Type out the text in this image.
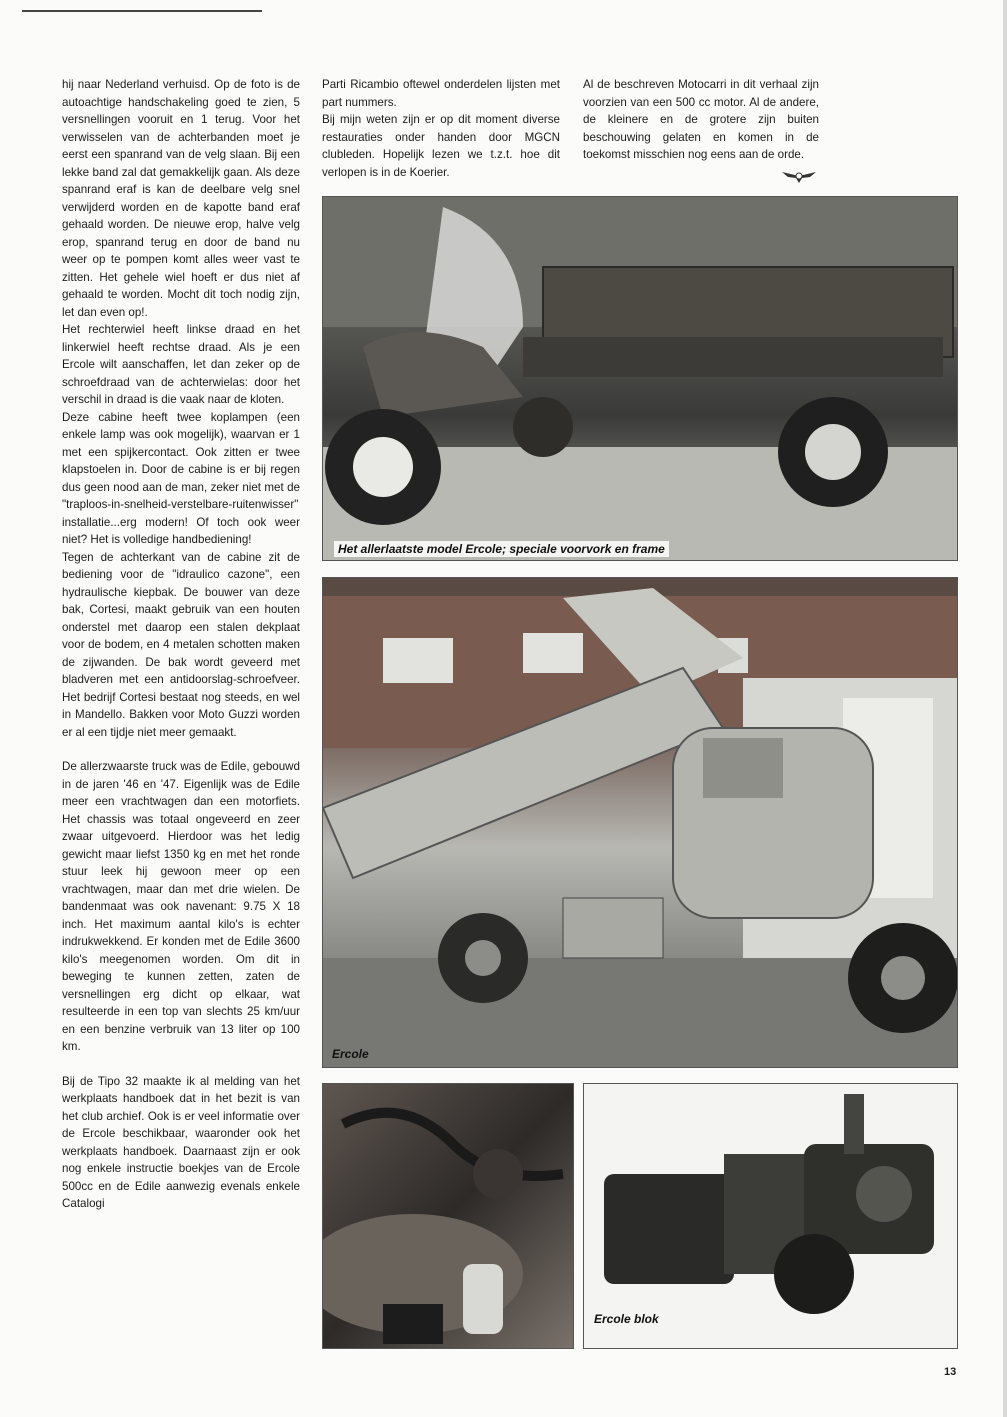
hij naar Nederland verhuisd. Op de foto is de autoachtige handschakeling goed te zien, 5 versnellingen vooruit en 1 terug. Voor het verwisselen van de achterbanden moet je eerst een spanrand van de velg slaan. Bij een lekke band zal dat gemakkelijk gaan. Als deze spanrand eraf is kan de deelbare velg snel verwijderd worden en de kapotte band eraf gehaald worden. De nieuwe erop, halve velg erop, spanrand terug en door de band nu weer op te pompen komt alles weer vast te zitten. Het gehele wiel hoeft er dus niet af gehaald te worden. Mocht dit toch nodig zijn, let dan even op!.

Het rechterwiel heeft linkse draad en het linkerwiel heeft rechtse draad. Als je een Ercole wilt aanschaffen, let dan zeker op de schroefdraad van de achterwielas: door het verschil in draad is die vaak naar de kloten.

Deze cabine heeft twee koplampen (een enkele lamp was ook mogelijk), waarvan er 1 met een spijkercontact. Ook zitten er twee klapstoelen in. Door de cabine is er bij regen dus geen nood aan de man, zeker niet met de "traploos-in-snelheid-verstelbare-ruitenwisser" installatie...erg modern! Of toch ook weer niet? Het is volledige handbediening!

Tegen de achterkant van de cabine zit de bediening voor de "idraulico cazone", een hydraulische kiepbak. De bouwer van deze bak, Cortesi, maakt gebruik van een houten onderstel met daarop een stalen dekplaat voor de bodem, en 4 metalen schotten maken de zijwanden. De bak wordt geveerd met bladveren met een antidoorslag-schroefveer. Het bedrijf Cortesi bestaat nog steeds, en wel in Mandello. Bakken voor Moto Guzzi worden er al een tijdje niet meer gemaakt.

De allerzwaarste truck was de Edile, gebouwd in de jaren '46 en '47. Eigenlijk was de Edile meer een vrachtwagen dan een motorfiets. Het chassis was totaal ongeveerd en zeer zwaar uitgevoerd. Hierdoor was het ledig gewicht maar liefst 1350 kg en met het ronde stuur leek hij gewoon meer op een vrachtwagen, maar dan met drie wielen. De bandenmaat was ook navenant: 9.75 X 18 inch. Het maximum aantal kilo's is echter indrukwekkend. Er konden met de Edile 3600 kilo's meegenomen worden. Om dit in beweging te kunnen zetten, zaten de versnellingen erg dicht op elkaar, wat resulteerde in een top van slechts 25 km/uur en een benzine verbruik van 13 liter op 100 km.

Bij de Tipo 32 maakte ik al melding van het werkplaats handboek dat in het bezit is van het club archief. Ook is er veel informatie over de Ercole beschikbaar, waaronder ook het werkplaats handboek. Daarnaast zijn er ook nog enkele instructie boekjes van de Ercole 500cc en de Edile aanwezig evenals enkele Catalogi

Parti Ricambio oftewel onderdelen lijsten met part nummers.

Bij mijn weten zijn er op dit moment diverse restauraties onder handen door MGCN clubleden. Hopelijk lezen we t.z.t. hoe dit verlopen is in de Koerier.

Al de beschreven Motocarri in dit verhaal zijn voorzien van een 500 cc motor. Al de andere, de kleinere en de grotere zijn buiten beschouwing gelaten en komen in de toekomst misschien nog eens aan de orde.

Het allerlaatste model Ercole; speciale voorvork en frame
Ercole
Ercole blok
13
